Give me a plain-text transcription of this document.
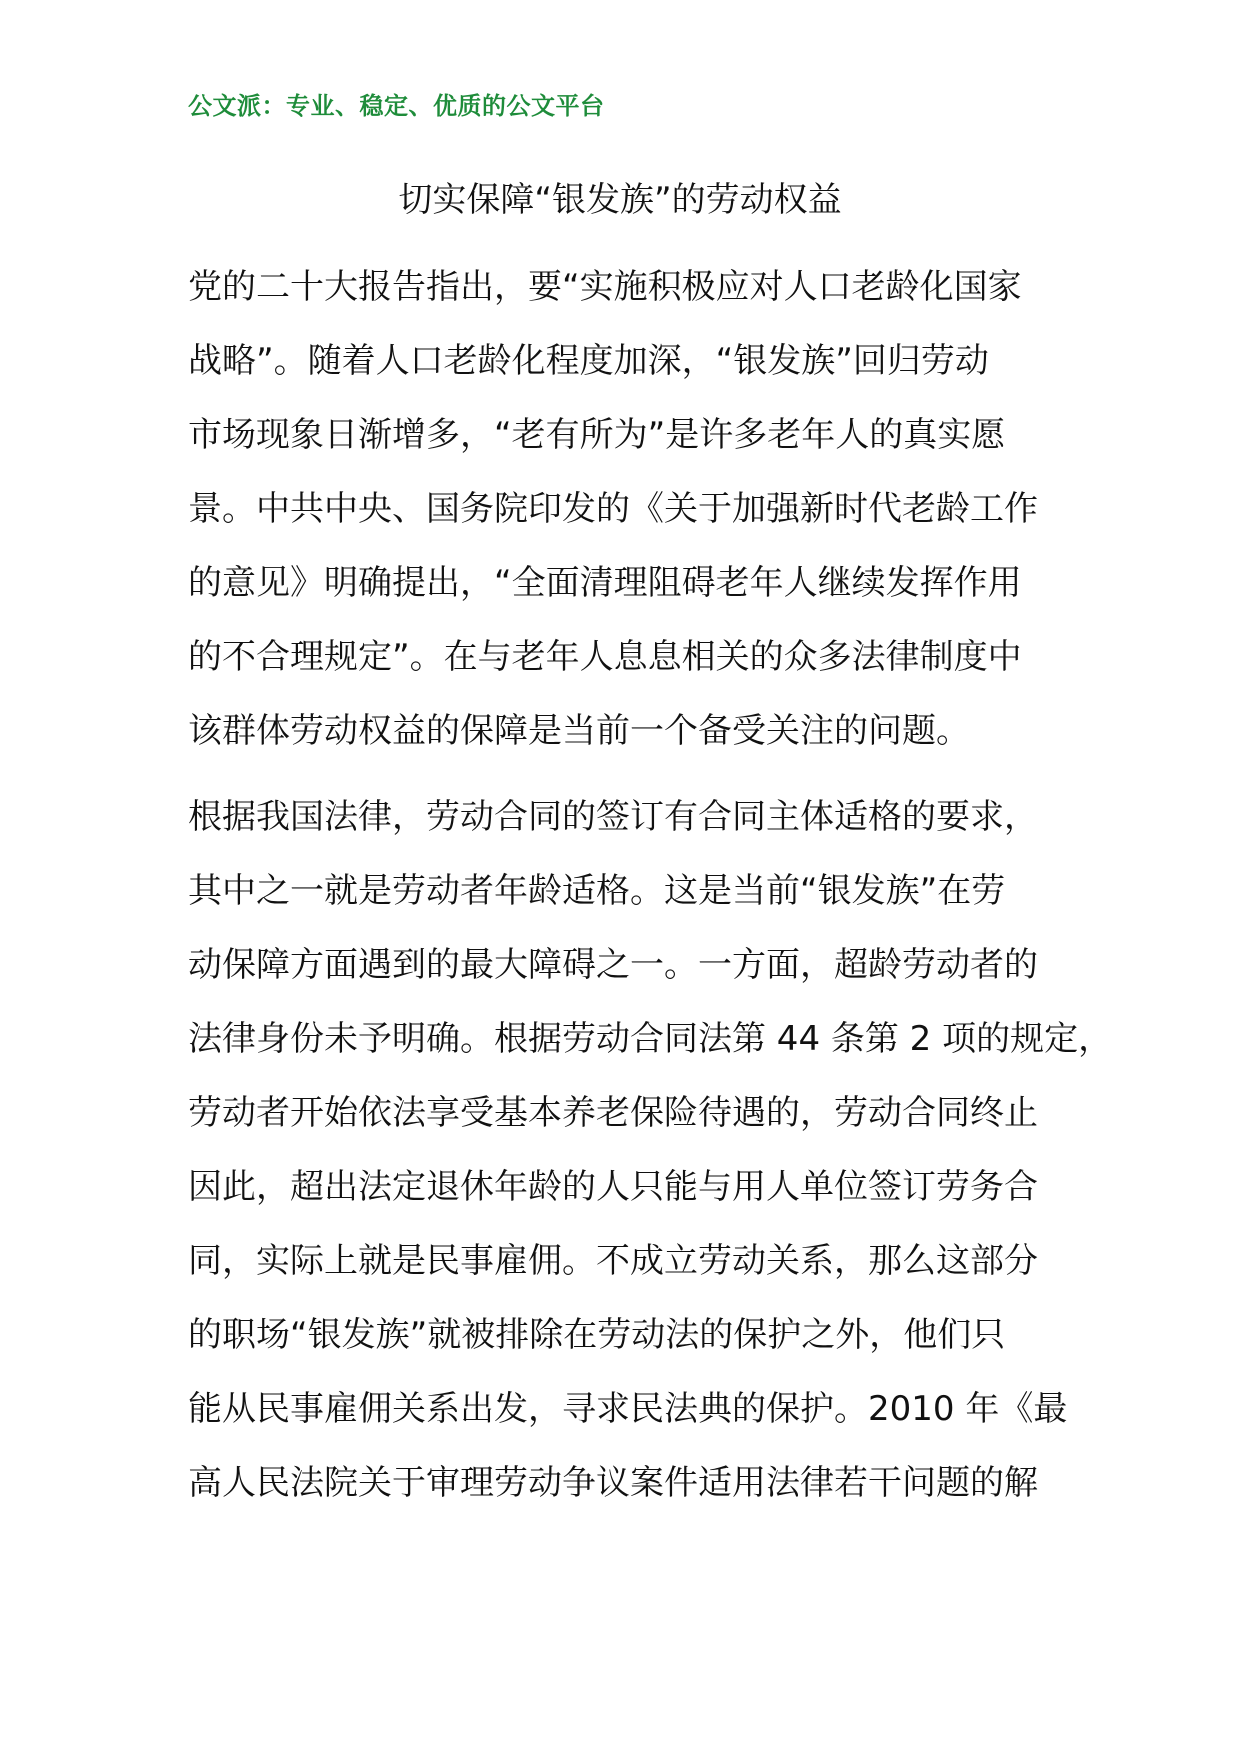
公文派：专业、稳定、优质的公文平台
切实保障“银发族”的劳动权益
党的二十大报告指出，要“实施积极应对人口老龄化国家
战略”。随着人口老龄化程度加深，“银发族”回归劳动
市场现象日渐增多，“老有所为”是许多老年人的真实愿
景。中共中央、国务院印发的《关于加强新时代老龄工作
的意见》明确提出，“全面清理阻碍老年人继续发挥作用
的不合理规定”。在与老年人息息相关的众多法律制度中
该群体劳动权益的保障是当前一个备受关注的问题。
根据我国法律，劳动合同的签订有合同主体适格的要求，
其中之一就是劳动者年龄适格。这是当前“银发族”在劳
动保障方面遇到的最大障碍之一。一方面，超龄劳动者的
法律身份未予明确。根据劳动合同法第 44 条第 2 项的规定，
劳动者开始依法享受基本养老保险待遇的，劳动合同终止
因此，超出法定退休年龄的人只能与用人单位签订劳务合
同，实际上就是民事雇佣。不成立劳动关系，那么这部分
的职场“银发族”就被排除在劳动法的保护之外，他们只
能从民事雇佣关系出发，寻求民法典的保护。2010 年《最
高人民法院关于审理劳动争议案件适用法律若干问题的解
